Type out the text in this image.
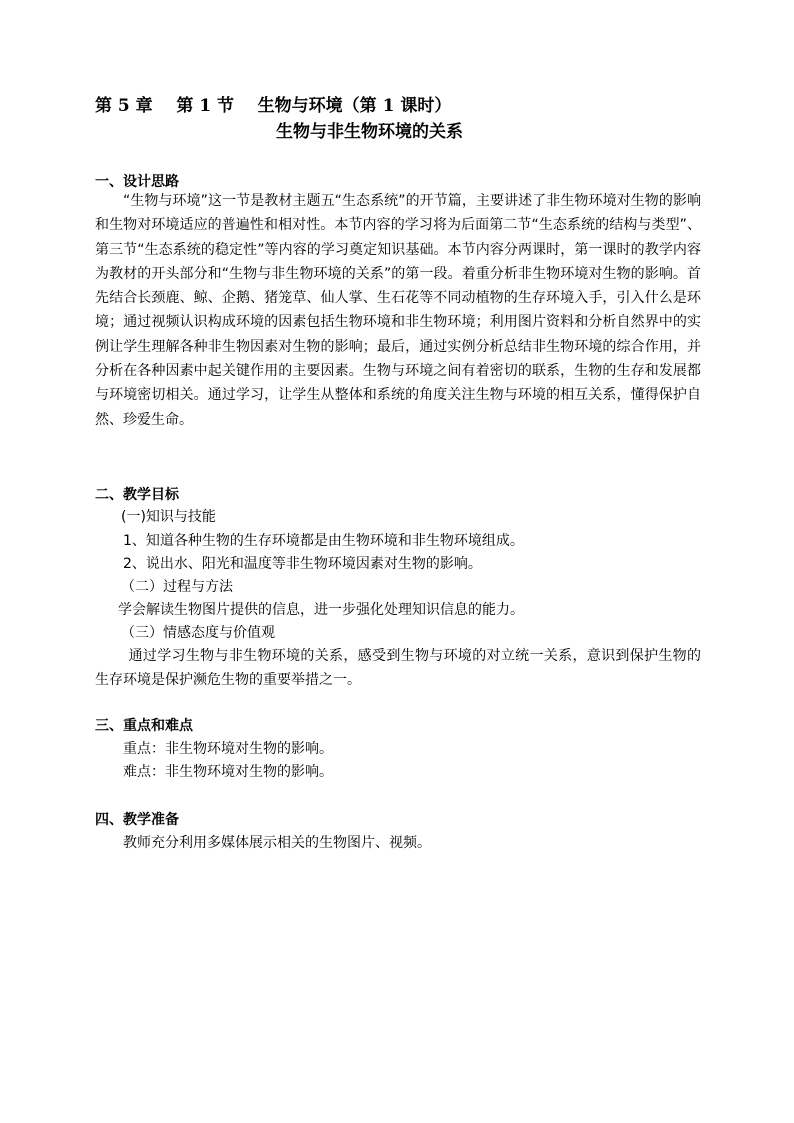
第 5 章    第 1 节    生物与环境（第 1 课时）
生物与非生物环境的关系
一、设计思路
“生物与环境”这一节是教材主题五“生态系统”的开节篇，主要讲述了非生物环境对生物的影响和生物对环境适应的普遍性和相对性。本节内容的学习将为后面第二节“生态系统的结构与类型”、第三节“生态系统的稳定性”等内容的学习奠定知识基础。本节内容分两课时，第一课时的教学内容为教材的开头部分和“生物与非生物环境的关系”的第一段。着重分析非生物环境对生物的影响。首先结合长颈鹿、鲸、企鹅、猪笼草、仙人掌、生石花等不同动植物的生存环境入手，引入什么是环境；通过视频认识构成环境的因素包括生物环境和非生物环境；利用图片资料和分析自然界中的实例让学生理解各种非生物因素对生物的影响；最后，通过实例分析总结非生物环境的综合作用，并分析在各种因素中起关键作用的主要因素。生物与环境之间有着密切的联系，生物的生存和发展都与环境密切相关。通过学习，让学生从整体和系统的角度关注生物与环境的相互关系，懂得保护自然、珍爱生命。
二、教学目标
(一)知识与技能
1、知道各种生物的生存环境都是由生物环境和非生物环境组成。
2、说出水、阳光和温度等非生物环境因素对生物的影响。
（二）过程与方法
学会解读生物图片提供的信息，进一步强化处理知识信息的能力。
（三）情感态度与价值观
通过学习生物与非生物环境的关系，感受到生物与环境的对立统一关系，意识到保护生物的生存环境是保护濒危生物的重要举措之一。
三、重点和难点
重点：非生物环境对生物的影响。
难点：非生物环境对生物的影响。
四、教学准备
教师充分利用多媒体展示相关的生物图片、视频。
